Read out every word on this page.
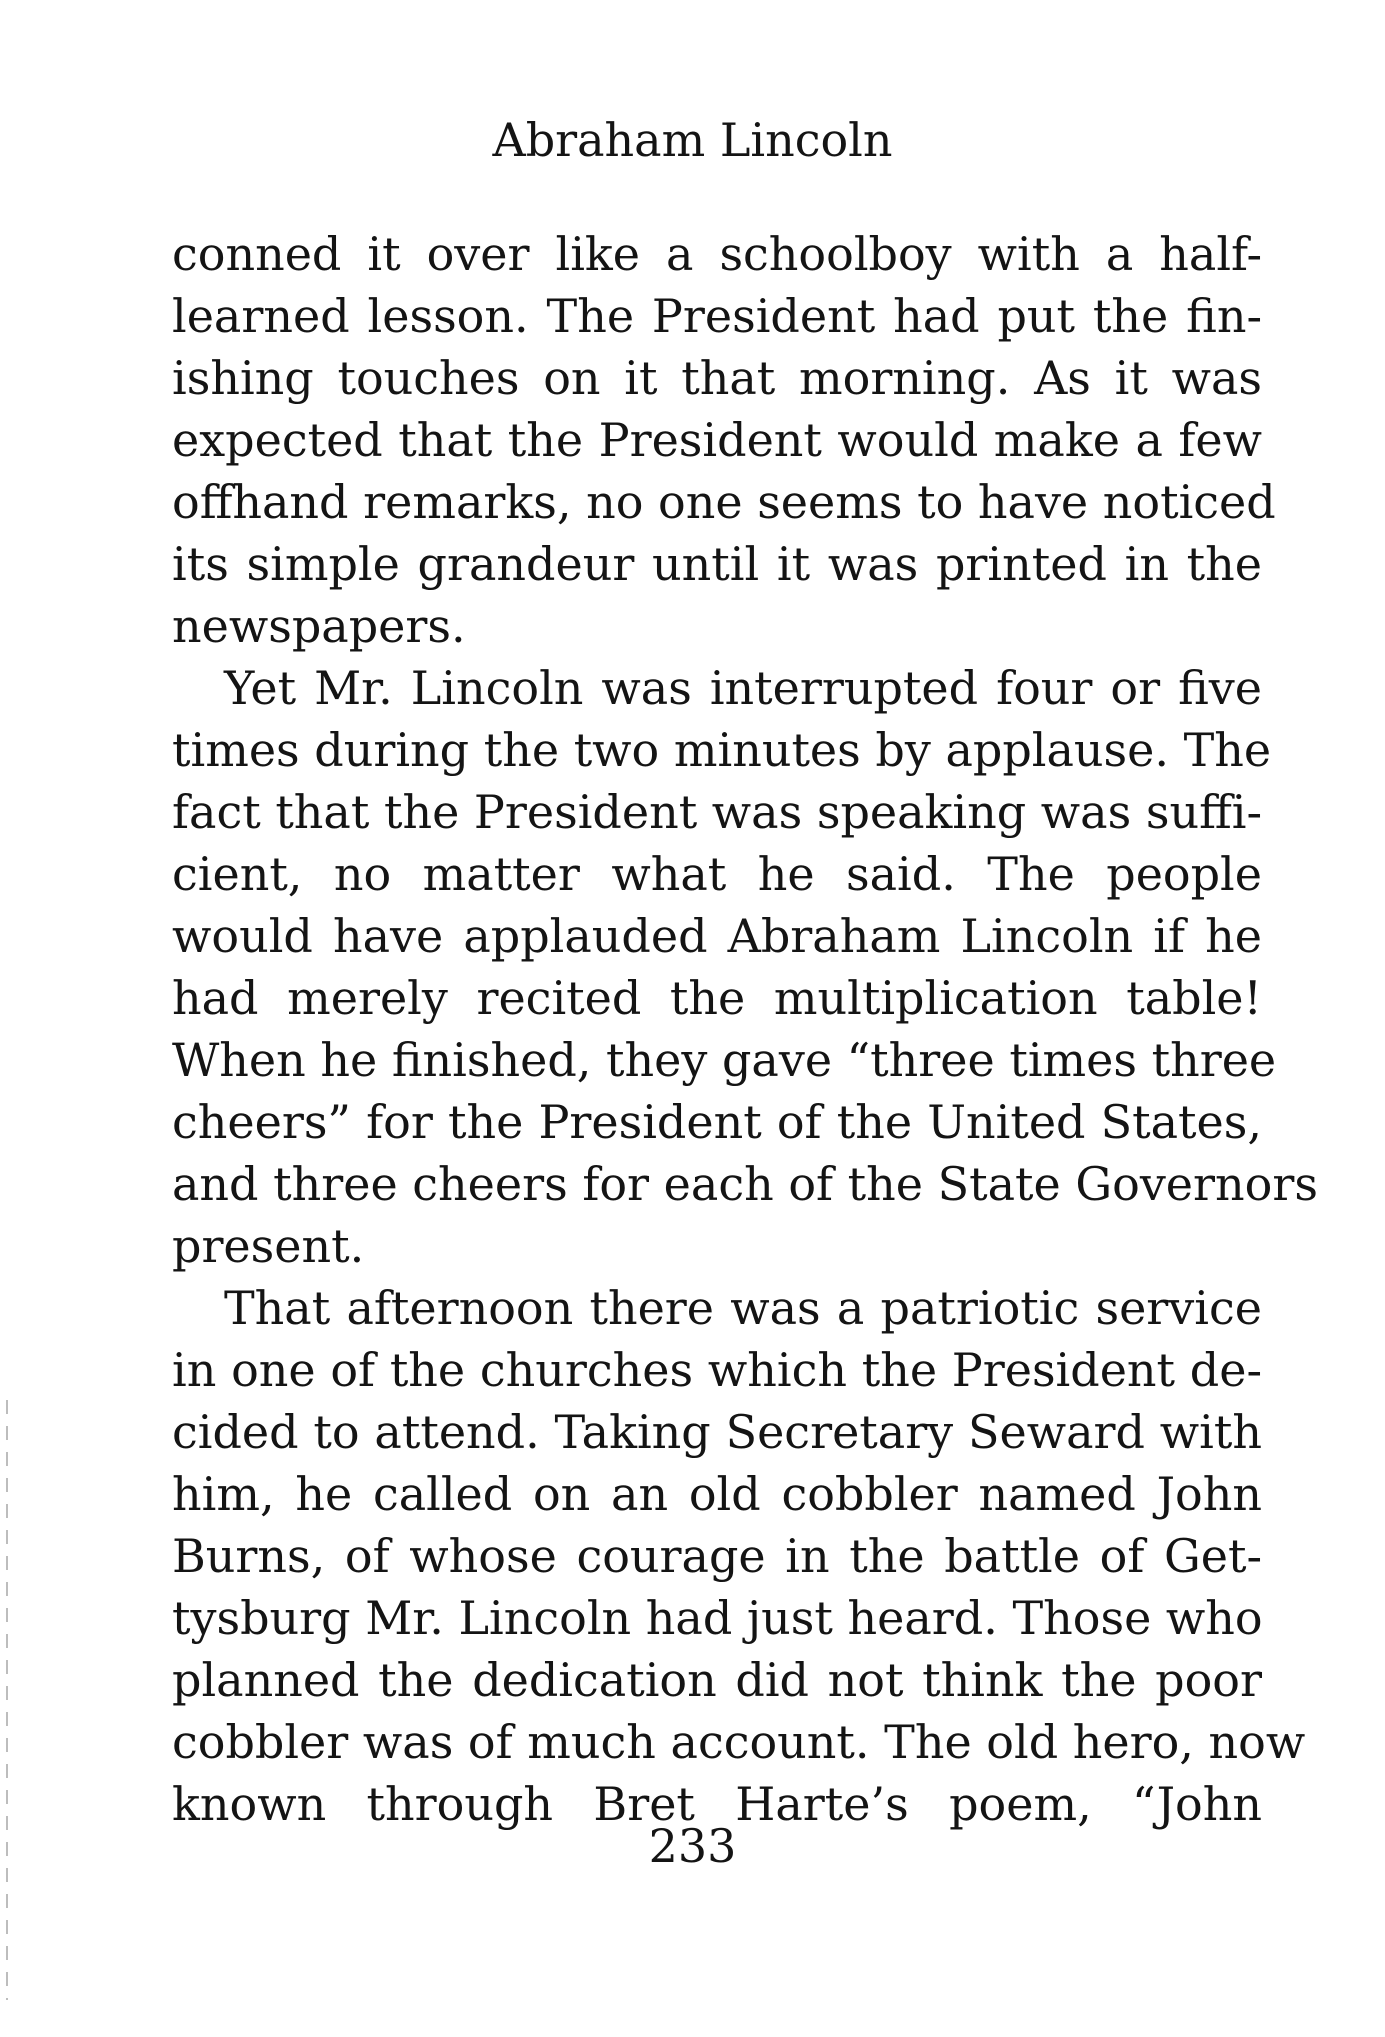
Abraham Lincoln
conned it over like a schoolboy with a half-
learned lesson. The President had put the fin-
ishing touches on it that morning. As it was
expected that the President would make a few
offhand remarks, no one seems to have noticed
its simple grandeur until it was printed in the
newspapers.
Yet Mr. Lincoln was interrupted four or five
times during the two minutes by applause. The
fact that the President was speaking was suffi-
cient, no matter what he said. The people
would have applauded Abraham Lincoln if he
had merely recited the multiplication table!
When he finished, they gave “three times three
cheers” for the President of the United States,
and three cheers for each of the State Governors
present.
That afternoon there was a patriotic service
in one of the churches which the President de-
cided to attend. Taking Secretary Seward with
him, he called on an old cobbler named John
Burns, of whose courage in the battle of Get-
tysburg Mr. Lincoln had just heard. Those who
planned the dedication did not think the poor
cobbler was of much account. The old hero, now
known through Bret Harte’s poem, “John
233
